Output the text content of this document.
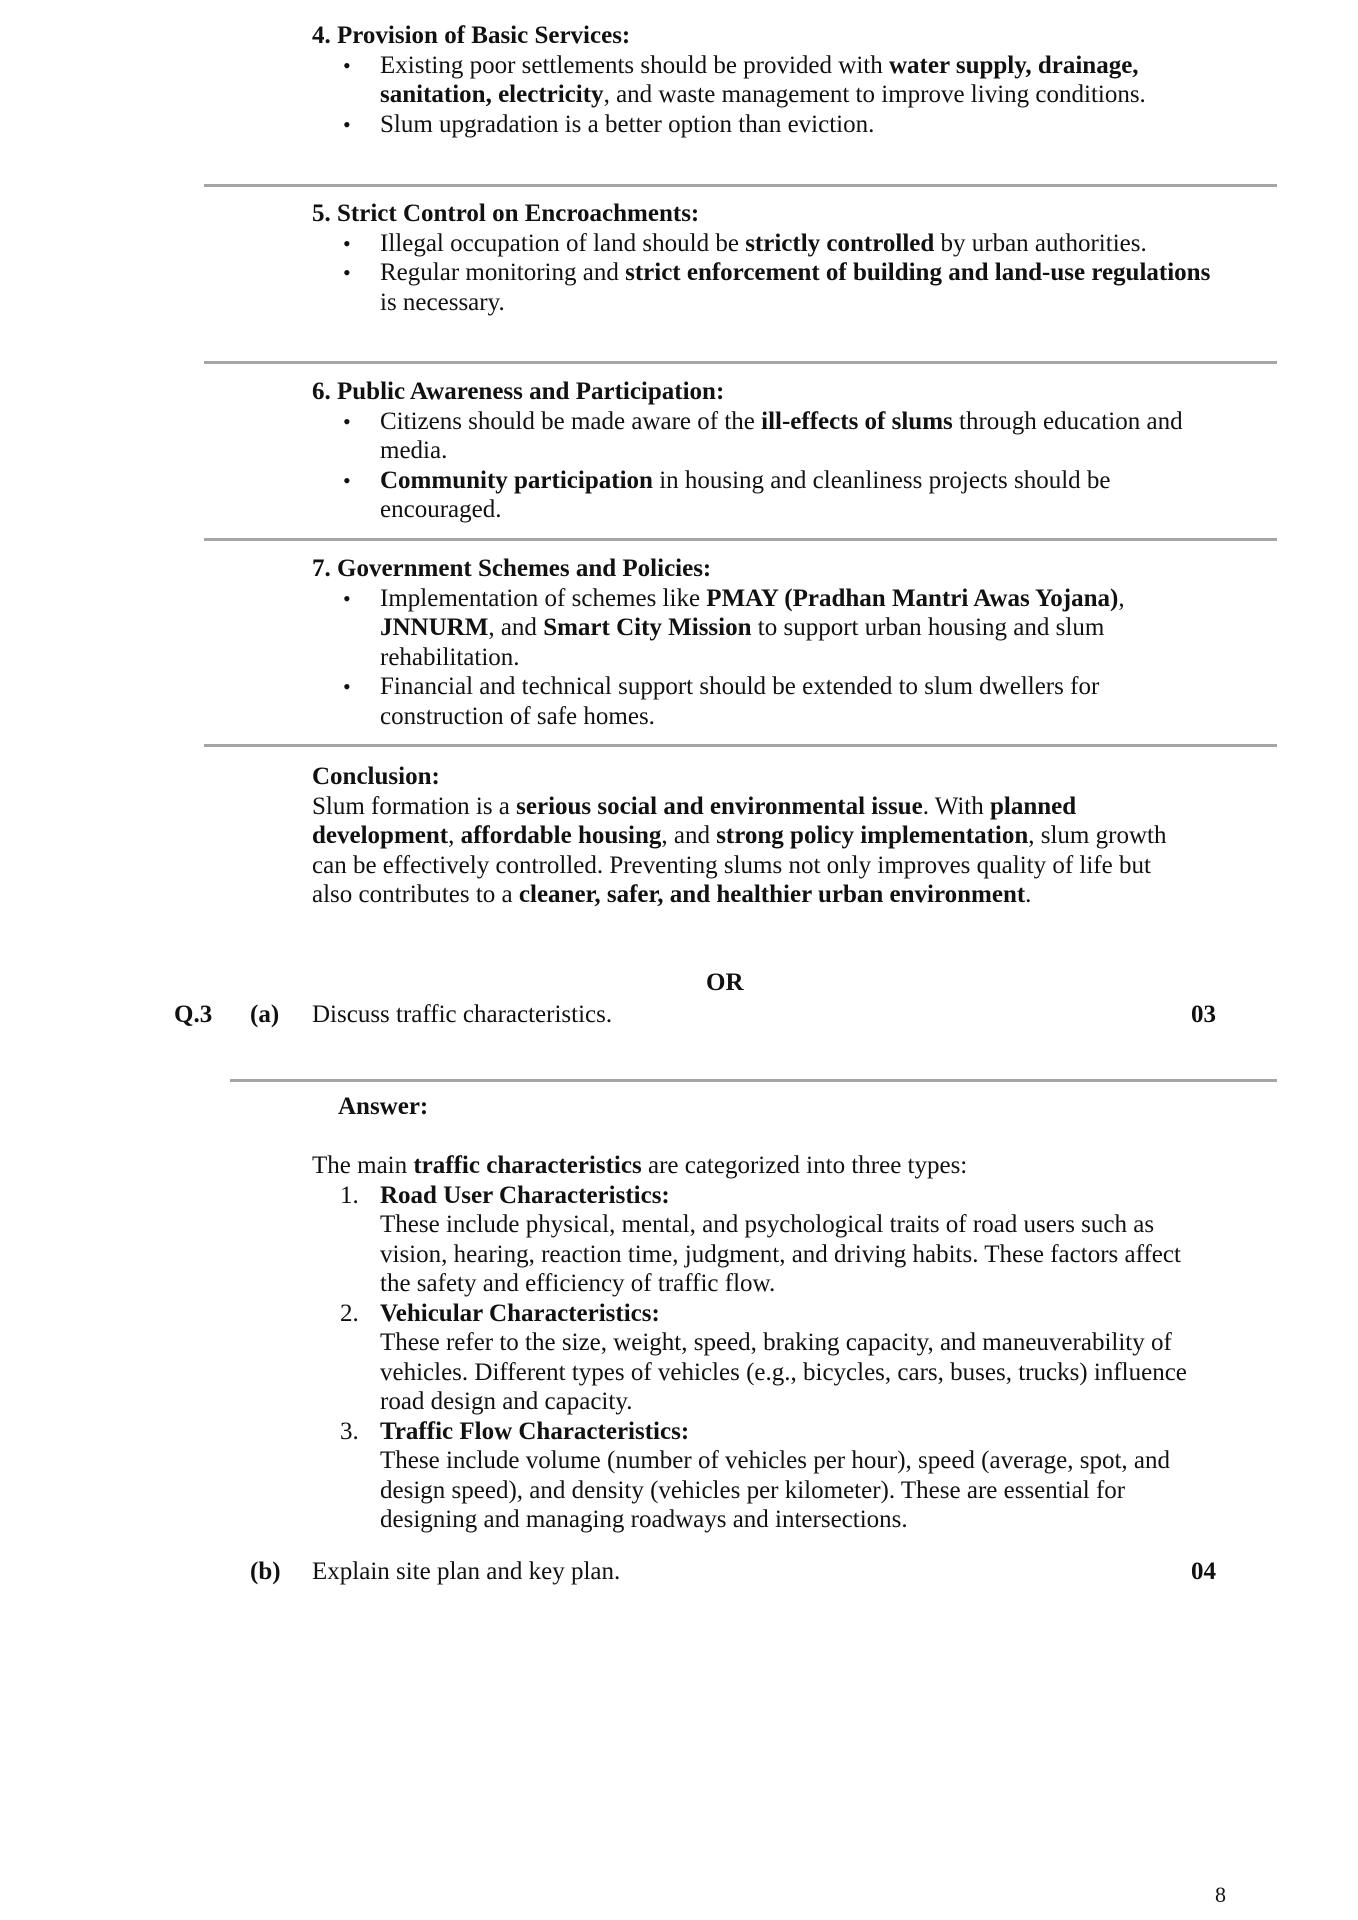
4. Provision of Basic Services:
• Existing poor settlements should be provided with water supply, drainage, sanitation, electricity, and waste management to improve living conditions.
• Slum upgradation is a better option than eviction.
5. Strict Control on Encroachments:
• Illegal occupation of land should be strictly controlled by urban authorities.
• Regular monitoring and strict enforcement of building and land-use regulations is necessary.
6. Public Awareness and Participation:
• Citizens should be made aware of the ill-effects of slums through education and media.
• Community participation in housing and cleanliness projects should be encouraged.
7. Government Schemes and Policies:
• Implementation of schemes like PMAY (Pradhan Mantri Awas Yojana), JNNURM, and Smart City Mission to support urban housing and slum rehabilitation.
• Financial and technical support should be extended to slum dwellers for construction of safe homes.
Conclusion:

Slum formation is a serious social and environmental issue. With planned development, affordable housing, and strong policy implementation, slum growth can be effectively controlled. Preventing slums not only improves quality of life but also contributes to a cleaner, safer, and healthier urban environment.

OR
Q.3 (a) Discuss traffic characteristics.	03
Answer:

The main traffic characteristics are categorized into three types:

1. Road User Characteristics:
These include physical, mental, and psychological traits of road users such as vision, hearing, reaction time, judgment, and driving habits. These factors affect the safety and efficiency of traffic flow.
2. Vehicular Characteristics:
These refer to the size, weight, speed, braking capacity, and maneuverability of vehicles. Different types of vehicles (e.g., bicycles, cars, buses, trucks) influence road design and capacity.
3. Traffic Flow Characteristics:
These include volume (number of vehicles per hour), speed (average, spot, and design speed), and density (vehicles per kilometer). These are essential for designing and managing roadways and intersections.
(b) Explain site plan and key plan.	04
8
